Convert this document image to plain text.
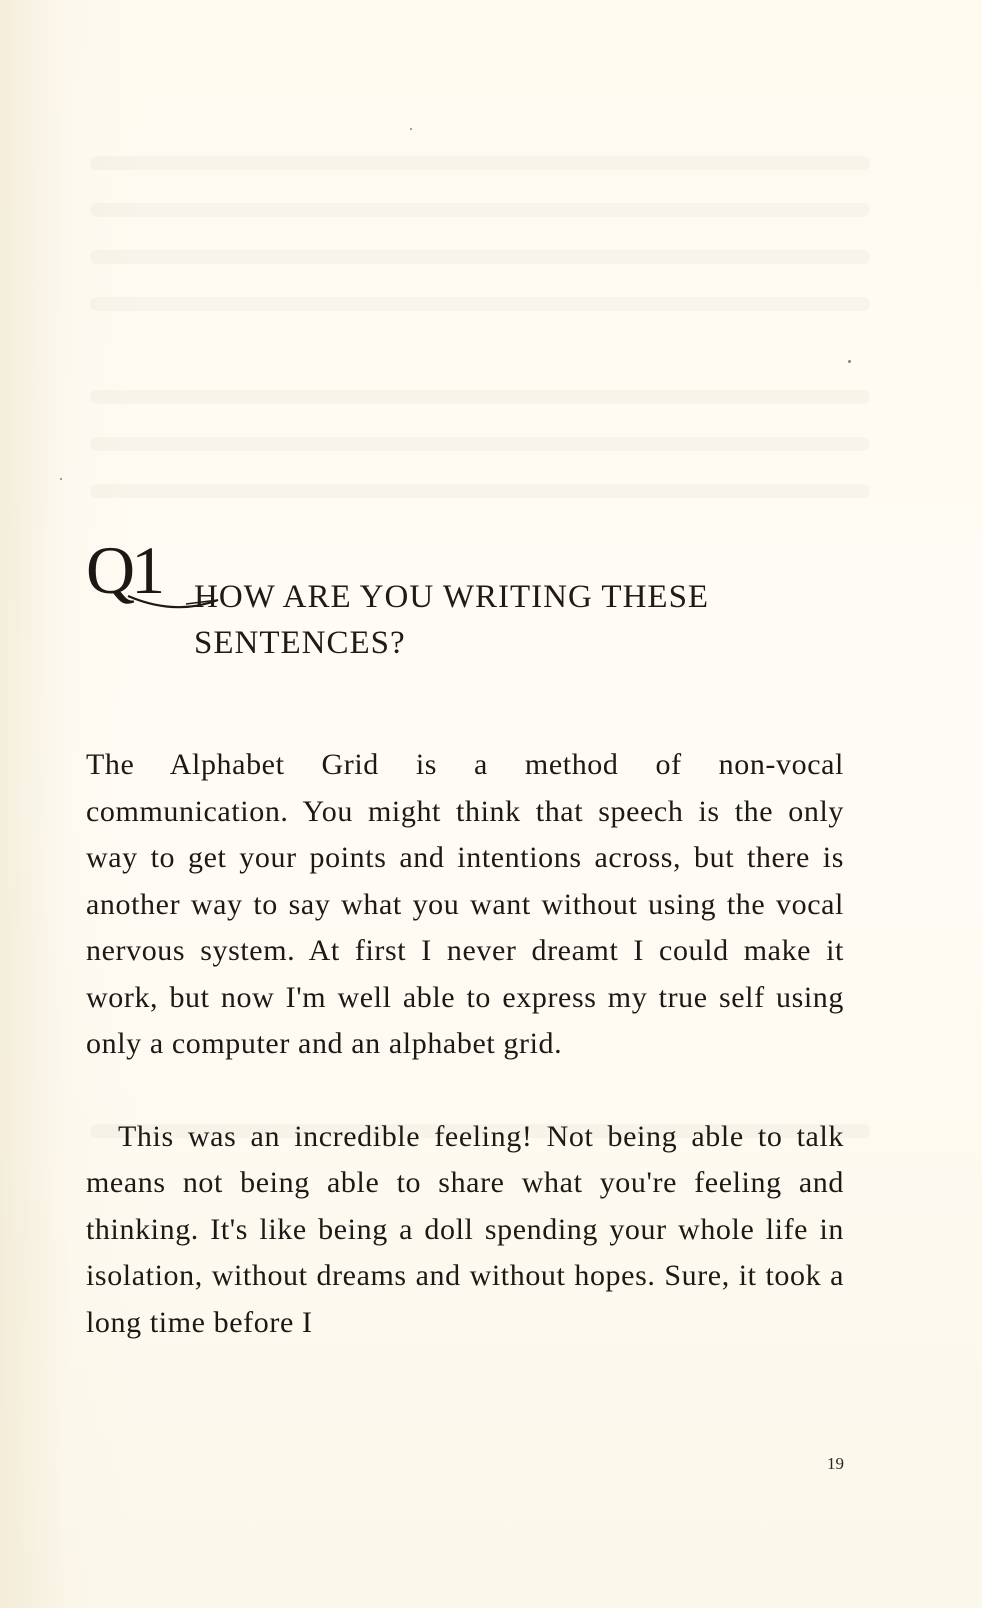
Q1 HOW ARE YOU WRITING THESE
SENTENCES?

The Alphabet Grid is a method of non-vocal communication. You might think that speech is the only way to get your points and intentions across, but there is another way to say what you want without using the vocal nervous system. At first I never dreamt I could make it work, but now I'm well able to express my true self using only a computer and an alphabet grid.

This was an incredible feeling! Not being able to talk means not being able to share what you're feeling and thinking. It's like being a doll spending your whole life in isolation, without dreams and without hopes. Sure, it took a long time before I

19
